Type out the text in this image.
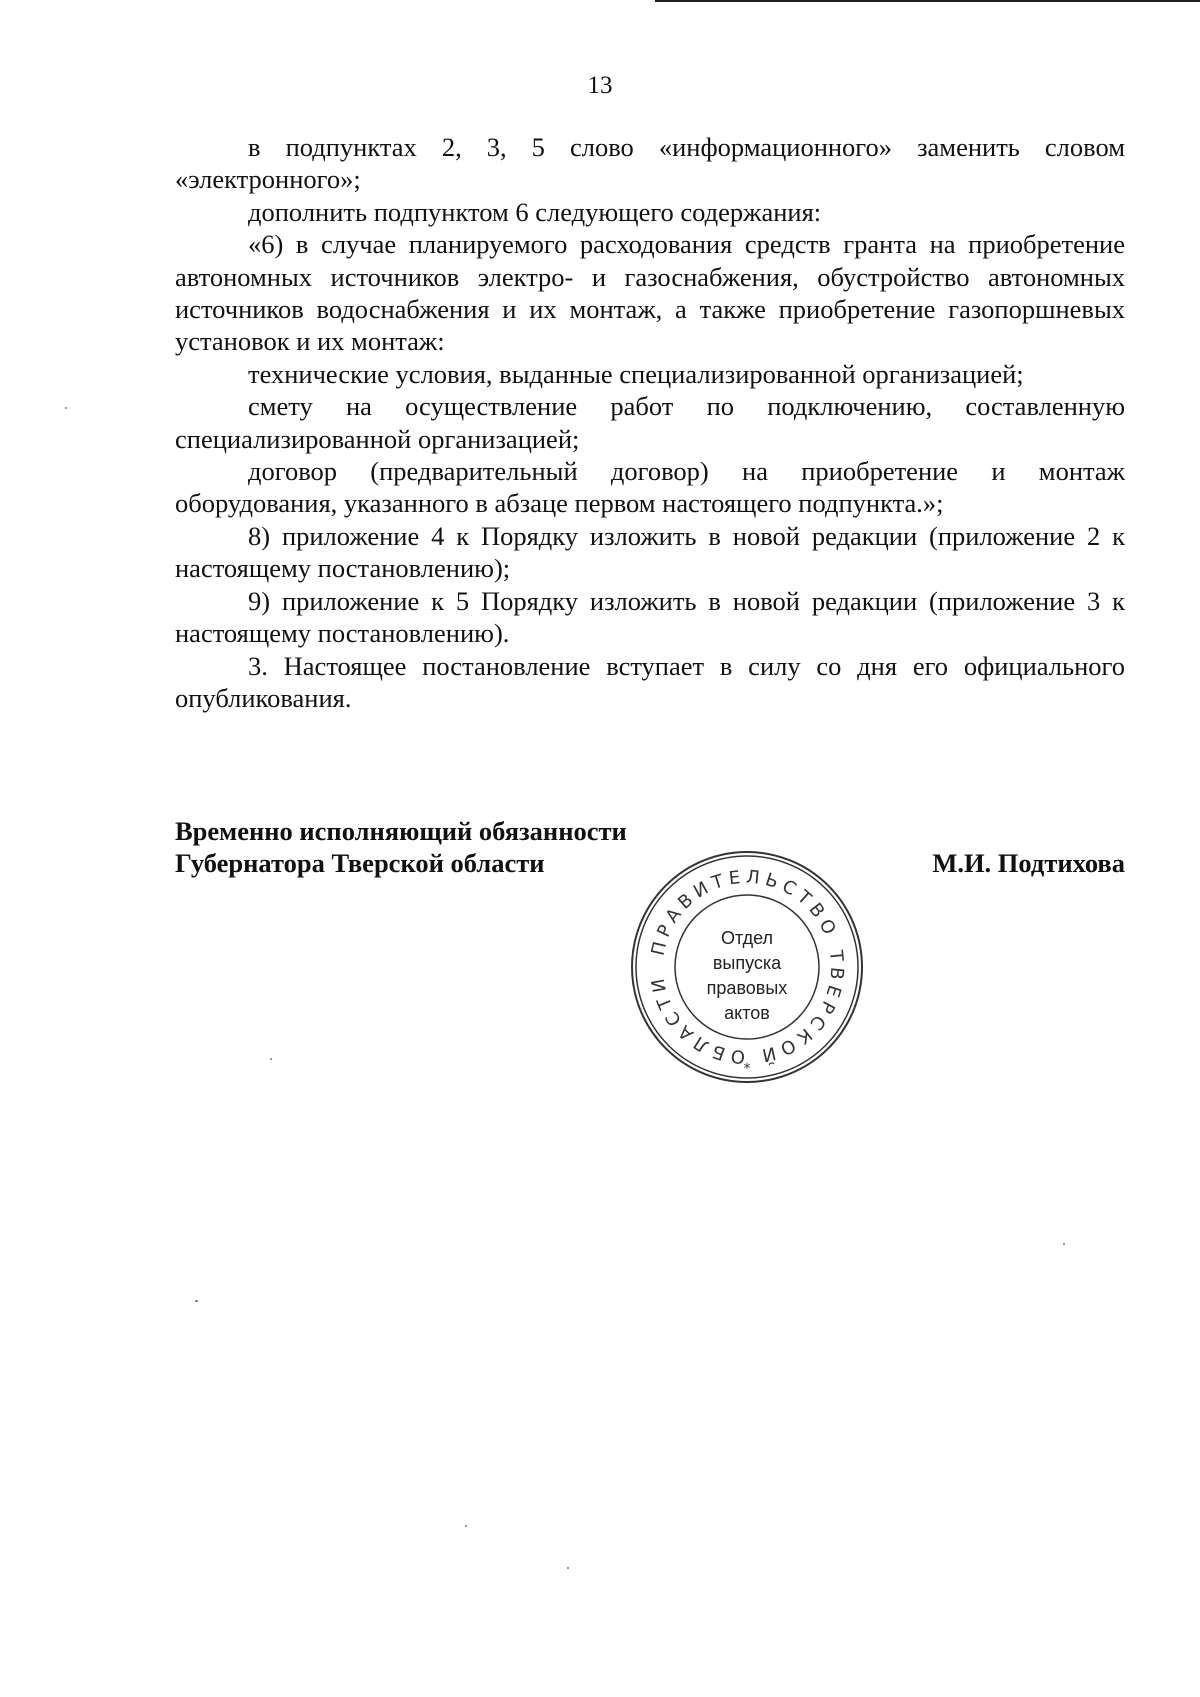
13

в подпунктах 2, 3, 5 слово «информационного» заменить словом «электронного»;

дополнить подпунктом 6 следующего содержания:

«6) в случае планируемого расходования средств гранта на приобретение автономных источников электро- и газоснабжения, обустройство автономных источников водоснабжения и их монтаж, а также приобретение газопоршневых установок и их монтаж:

технические условия, выданные специализированной организацией;

смету на осуществление работ по подключению, составленную специализированной организацией;

договор (предварительный договор) на приобретение и монтаж оборудования, указанного в абзаце первом настоящего подпункта.»;

8) приложение 4 к Порядку изложить в новой редакции (приложение 2 к настоящему постановлению);

9) приложение к 5 Порядку изложить в новой редакции (приложение 3 к настоящему постановлению).

3. Настоящее постановление вступает в силу со дня его официального опубликования.

Временно исполняющий обязанности
Губернатора Тверской области	М.И. Подтихова
ПРАВИТЕЛЬСТВО ТВЕРСКОЙ ОБЛАСТИ
*
Отдел
выпуска
правовых
актов
